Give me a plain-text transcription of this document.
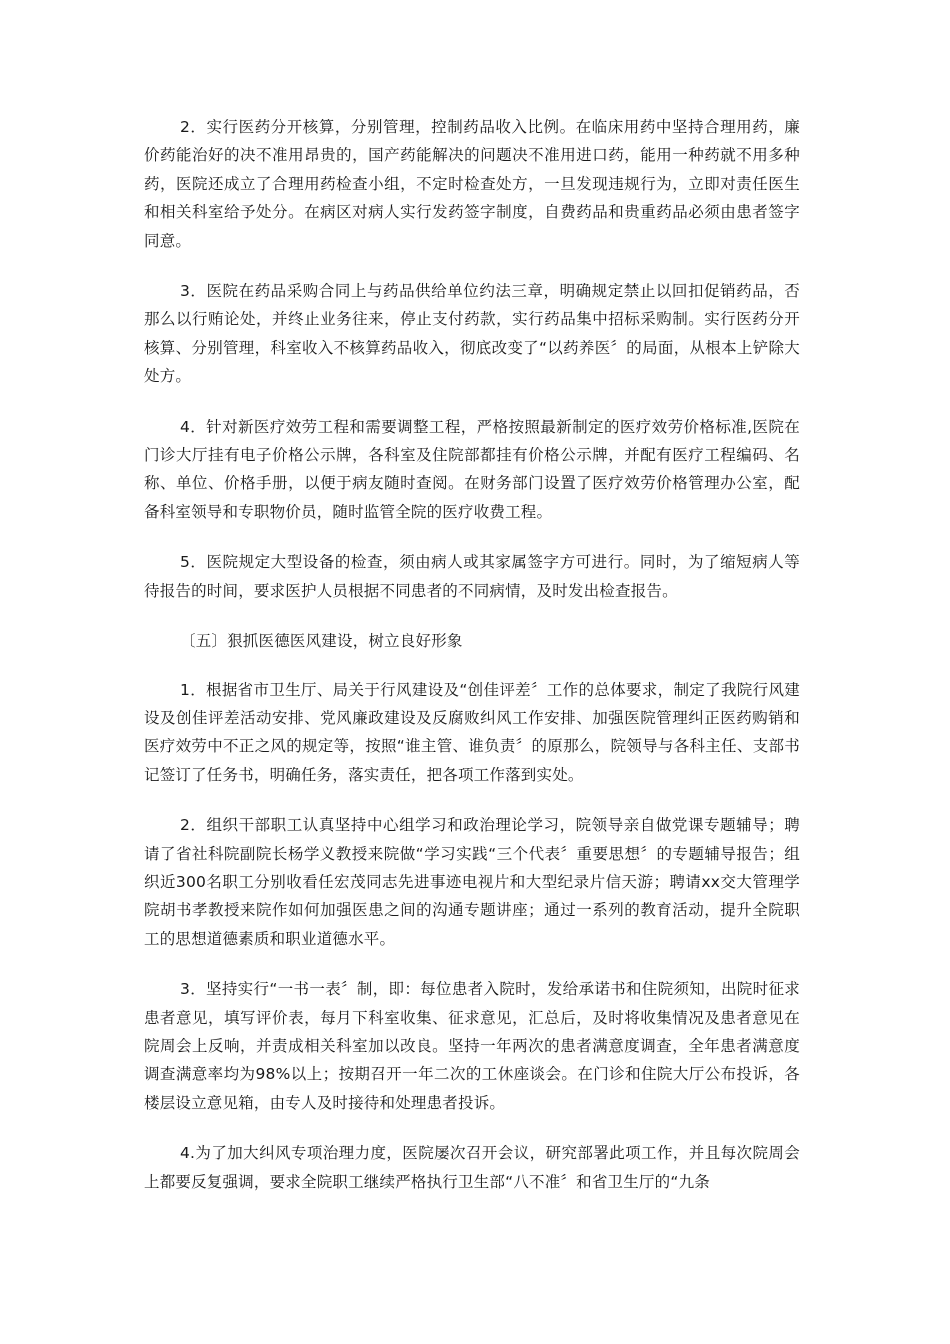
2．实行医药分开核算，分别管理，控制药品收入比例。在临床用药中坚持合理用药，廉价药能治好的决不准用昂贵的，国产药能解决的问题决不准用进口药，能用一种药就不用多种药，医院还成立了合理用药检查小组，不定时检查处方，一旦发现违规行为，立即对责任医生和相关科室给予处分。在病区对病人实行发药签字制度，自费药品和贵重药品必须由患者签字同意。

3．医院在药品采购合同上与药品供给单位约法三章，明确规定禁止以回扣促销药品，否那么以行贿论处，并终止业务往来，停止支付药款，实行药品集中招标采购制。实行医药分开核算、分别管理，科室收入不核算药品收入，彻底改变了“以药养医〞的局面，从根本上铲除大处方。

4．针对新医疗效劳工程和需要调整工程，严格按照最新制定的医疗效劳价格标准,医院在门诊大厅挂有电子价格公示牌，各科室及住院部都挂有价格公示牌，并配有医疗工程编码、名称、单位、价格手册，以便于病友随时查阅。在财务部门设置了医疗效劳价格管理办公室，配备科室领导和专职物价员，随时监管全院的医疗收费工程。

5．医院规定大型设备的检查，须由病人或其家属签字方可进行。同时，为了缩短病人等待报告的时间，要求医护人员根据不同患者的不同病情，及时发出检查报告。

〔五〕狠抓医德医风建设，树立良好形象

1．根据省市卫生厅、局关于行风建设及“创佳评差〞工作的总体要求，制定了我院行风建设及创佳评差活动安排、党风廉政建设及反腐败纠风工作安排、加强医院管理纠正医药购销和医疗效劳中不正之风的规定等，按照“谁主管、谁负责〞的原那么，院领导与各科主任、支部书记签订了任务书，明确任务，落实责任，把各项工作落到实处。

2．组织干部职工认真坚持中心组学习和政治理论学习，院领导亲自做党课专题辅导；聘请了省社科院副院长杨学义教授来院做“学习实践“三个代表〞重要思想〞的专题辅导报告；组织近300名职工分别收看任宏茂同志先进事迹电视片和大型纪录片信天游；聘请xx交大管理学院胡书孝教授来院作如何加强医患之间的沟通专题讲座；通过一系列的教育活动，提升全院职工的思想道德素质和职业道德水平。

3．坚持实行“一书一表〞制，即：每位患者入院时，发给承诺书和住院须知，出院时征求患者意见，填写评价表，每月下科室收集、征求意见，汇总后，及时将收集情况及患者意见在院周会上反响，并责成相关科室加以改良。坚持一年两次的患者满意度调查，全年患者满意度调查满意率均为98%以上；按期召开一年二次的工休座谈会。在门诊和住院大厅公布投诉，各楼层设立意见箱，由专人及时接待和处理患者投诉。

4.为了加大纠风专项治理力度，医院屡次召开会议，研究部署此项工作，并且每次院周会上都要反复强调，要求全院职工继续严格执行卫生部“八不准〞和省卫生厅的“九条
